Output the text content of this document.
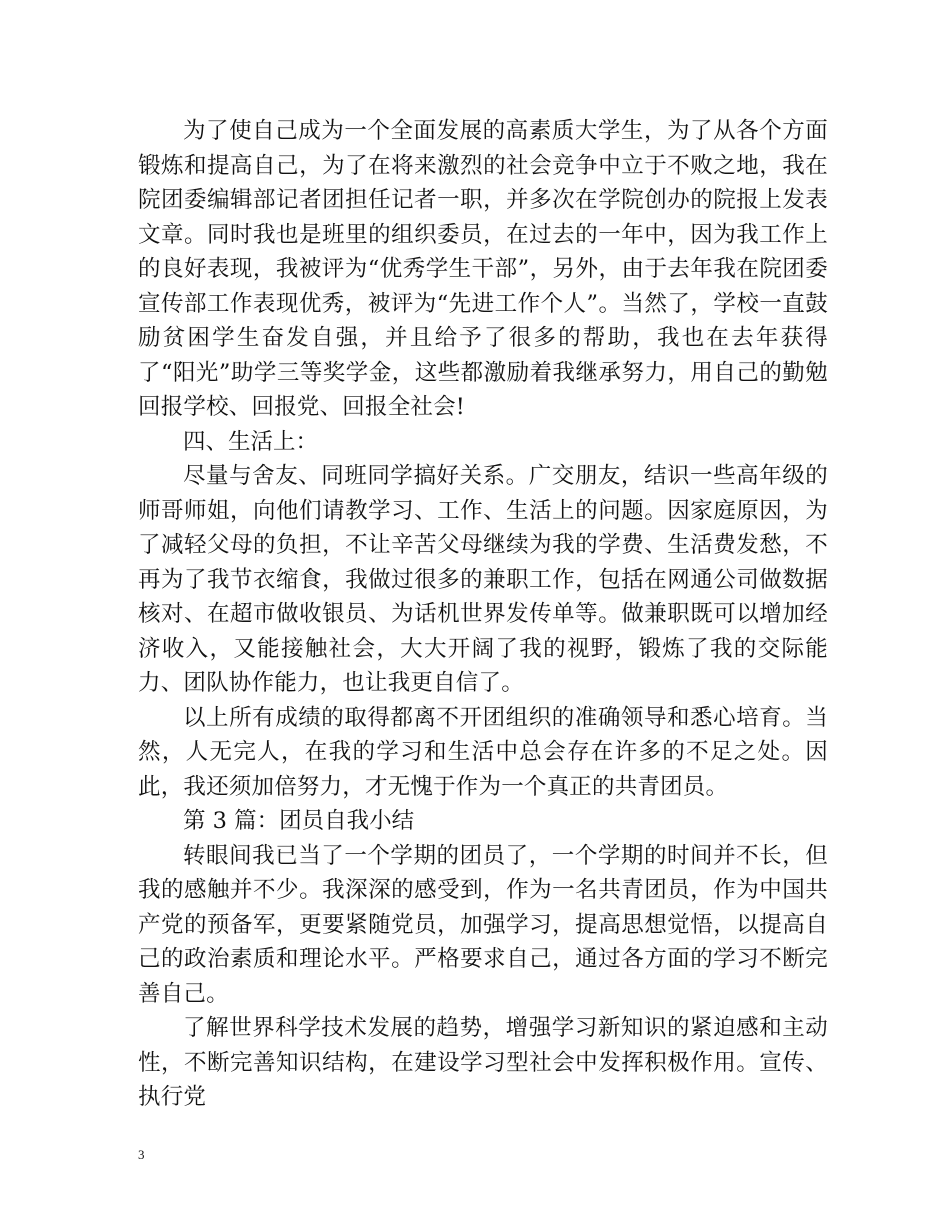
为了使自己成为一个全面发展的高素质大学生，为了从各个方面锻炼和提高自己，为了在将来激烈的社会竞争中立于不败之地，我在院团委编辑部记者团担任记者一职，并多次在学院创办的院报上发表文章。同时我也是班里的组织委员，在过去的一年中，因为我工作上的良好表现，我被评为“优秀学生干部”，另外，由于去年我在院团委宣传部工作表现优秀，被评为“先进工作个人”。当然了，学校一直鼓励贫困学生奋发自强，并且给予了很多的帮助，我也在去年获得了“阳光”助学三等奖学金，这些都激励着我继承努力，用自己的勤勉回报学校、回报党、回报全社会!

四、生活上：

尽量与舍友、同班同学搞好关系。广交朋友，结识一些高年级的师哥师姐，向他们请教学习、工作、生活上的问题。因家庭原因，为了减轻父母的负担，不让辛苦父母继续为我的学费、生活费发愁，不再为了我节衣缩食，我做过很多的兼职工作，包括在网通公司做数据核对、在超市做收银员、为话机世界发传单等。做兼职既可以增加经济收入，又能接触社会，大大开阔了我的视野，锻炼了我的交际能力、团队协作能力，也让我更自信了。

以上所有成绩的取得都离不开团组织的准确领导和悉心培育。当然，人无完人，在我的学习和生活中总会存在许多的不足之处。因此，我还须加倍努力，才无愧于作为一个真正的共青团员。

第 3 篇：团员自我小结

转眼间我已当了一个学期的团员了，一个学期的时间并不长，但我的感触并不少。我深深的感受到，作为一名共青团员，作为中国共产党的预备军，更要紧随党员，加强学习，提高思想觉悟，以提高自己的政治素质和理论水平。严格要求自己，通过各方面的学习不断完善自己。

了解世界科学技术发展的趋势，增强学习新知识的紧迫感和主动性，不断完善知识结构，在建设学习型社会中发挥积极作用。宣传、执行党

3
